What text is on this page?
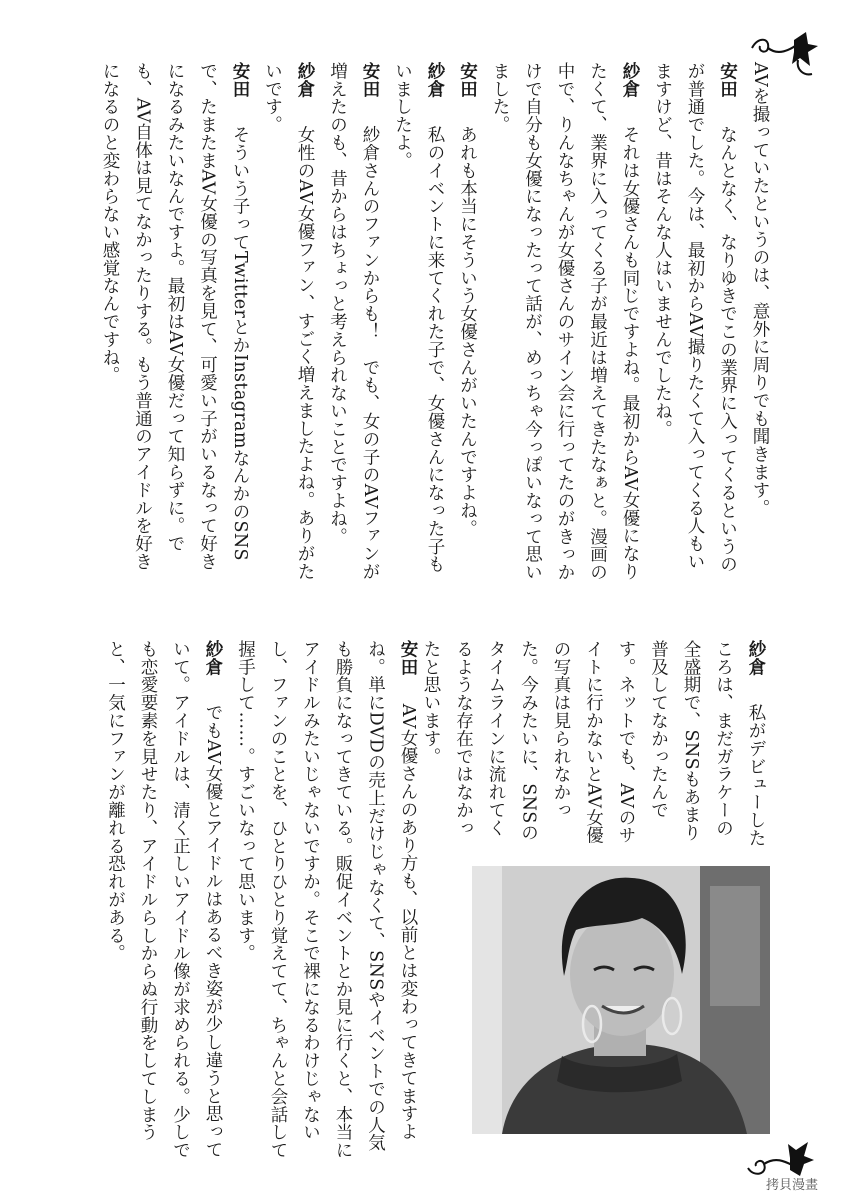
AVを撮っていたというのは、意外に周りでも聞きます。
安田　なんとなく、なりゆきでこの業界に入ってくるというのが普通でした。今は、最初からAV撮りたくて入ってくる人もいますけど、昔はそんな人はいませんでしたね。
紗倉　それは女優さんも同じですよね。最初からAV女優になりたくて、業界に入ってくる子が最近は増えてきたなぁと。漫画の中で、りんなちゃんが女優さんのサイン会に行ってたのがきっかけで自分も女優になったって話が、めっちゃ今っぽいなって思いました。
安田　あれも本当にそういう女優さんがいたんですよね。
紗倉　私のイベントに来てくれた子で、女優さんになった子もいましたよ。
安田　紗倉さんのファンからも！　でも、女の子のAVファンが増えたのも、昔からはちょっと考えられないことですよね。
紗倉　女性のAV女優ファン、すごく増えましたよね。ありがたいです。
安田　そういう子ってTwitterとかInstagramなんかのSNSで、たまたまAV女優の写真を見て、可愛い子がいるなって好きになるみたいなんですよ。最初はAV女優だって知らずに。でも、AV自体は見てなかったりする。もう普通のアイドルを好きになるのと変わらない感覚なんですね。
紗倉　私がデビューしたころは、まだガラケーの全盛期で、SNSもあまり普及してなかったんです。ネットでも、AVのサイトに行かないとAV女優の写真は見られなかった。今みたいに、SNSのタイムラインに流れてくるような存在ではなかったと思います。
安田　AV女優さんのあり方も、以前とは変わってきてますよね。単にDVDの売上だけじゃなくて、SNSやイベントでの人気も勝負になってきている。販促イベントとか見に行くと、本当にアイドルみたいじゃないですか。そこで裸になるわけじゃないし、ファンのことを、ひとりひとり覚えてて、ちゃんと会話して握手して……。すごいなって思います。
紗倉　でもAV女優とアイドルはあるべき姿が少し違うと思っていて。アイドルは、清く正しいアイドル像が求められる。少しでも恋愛要素を見せたり、アイドルらしからぬ行動をしてしまうと、一気にファンが離れる恐れがある。
拷貝漫畫
